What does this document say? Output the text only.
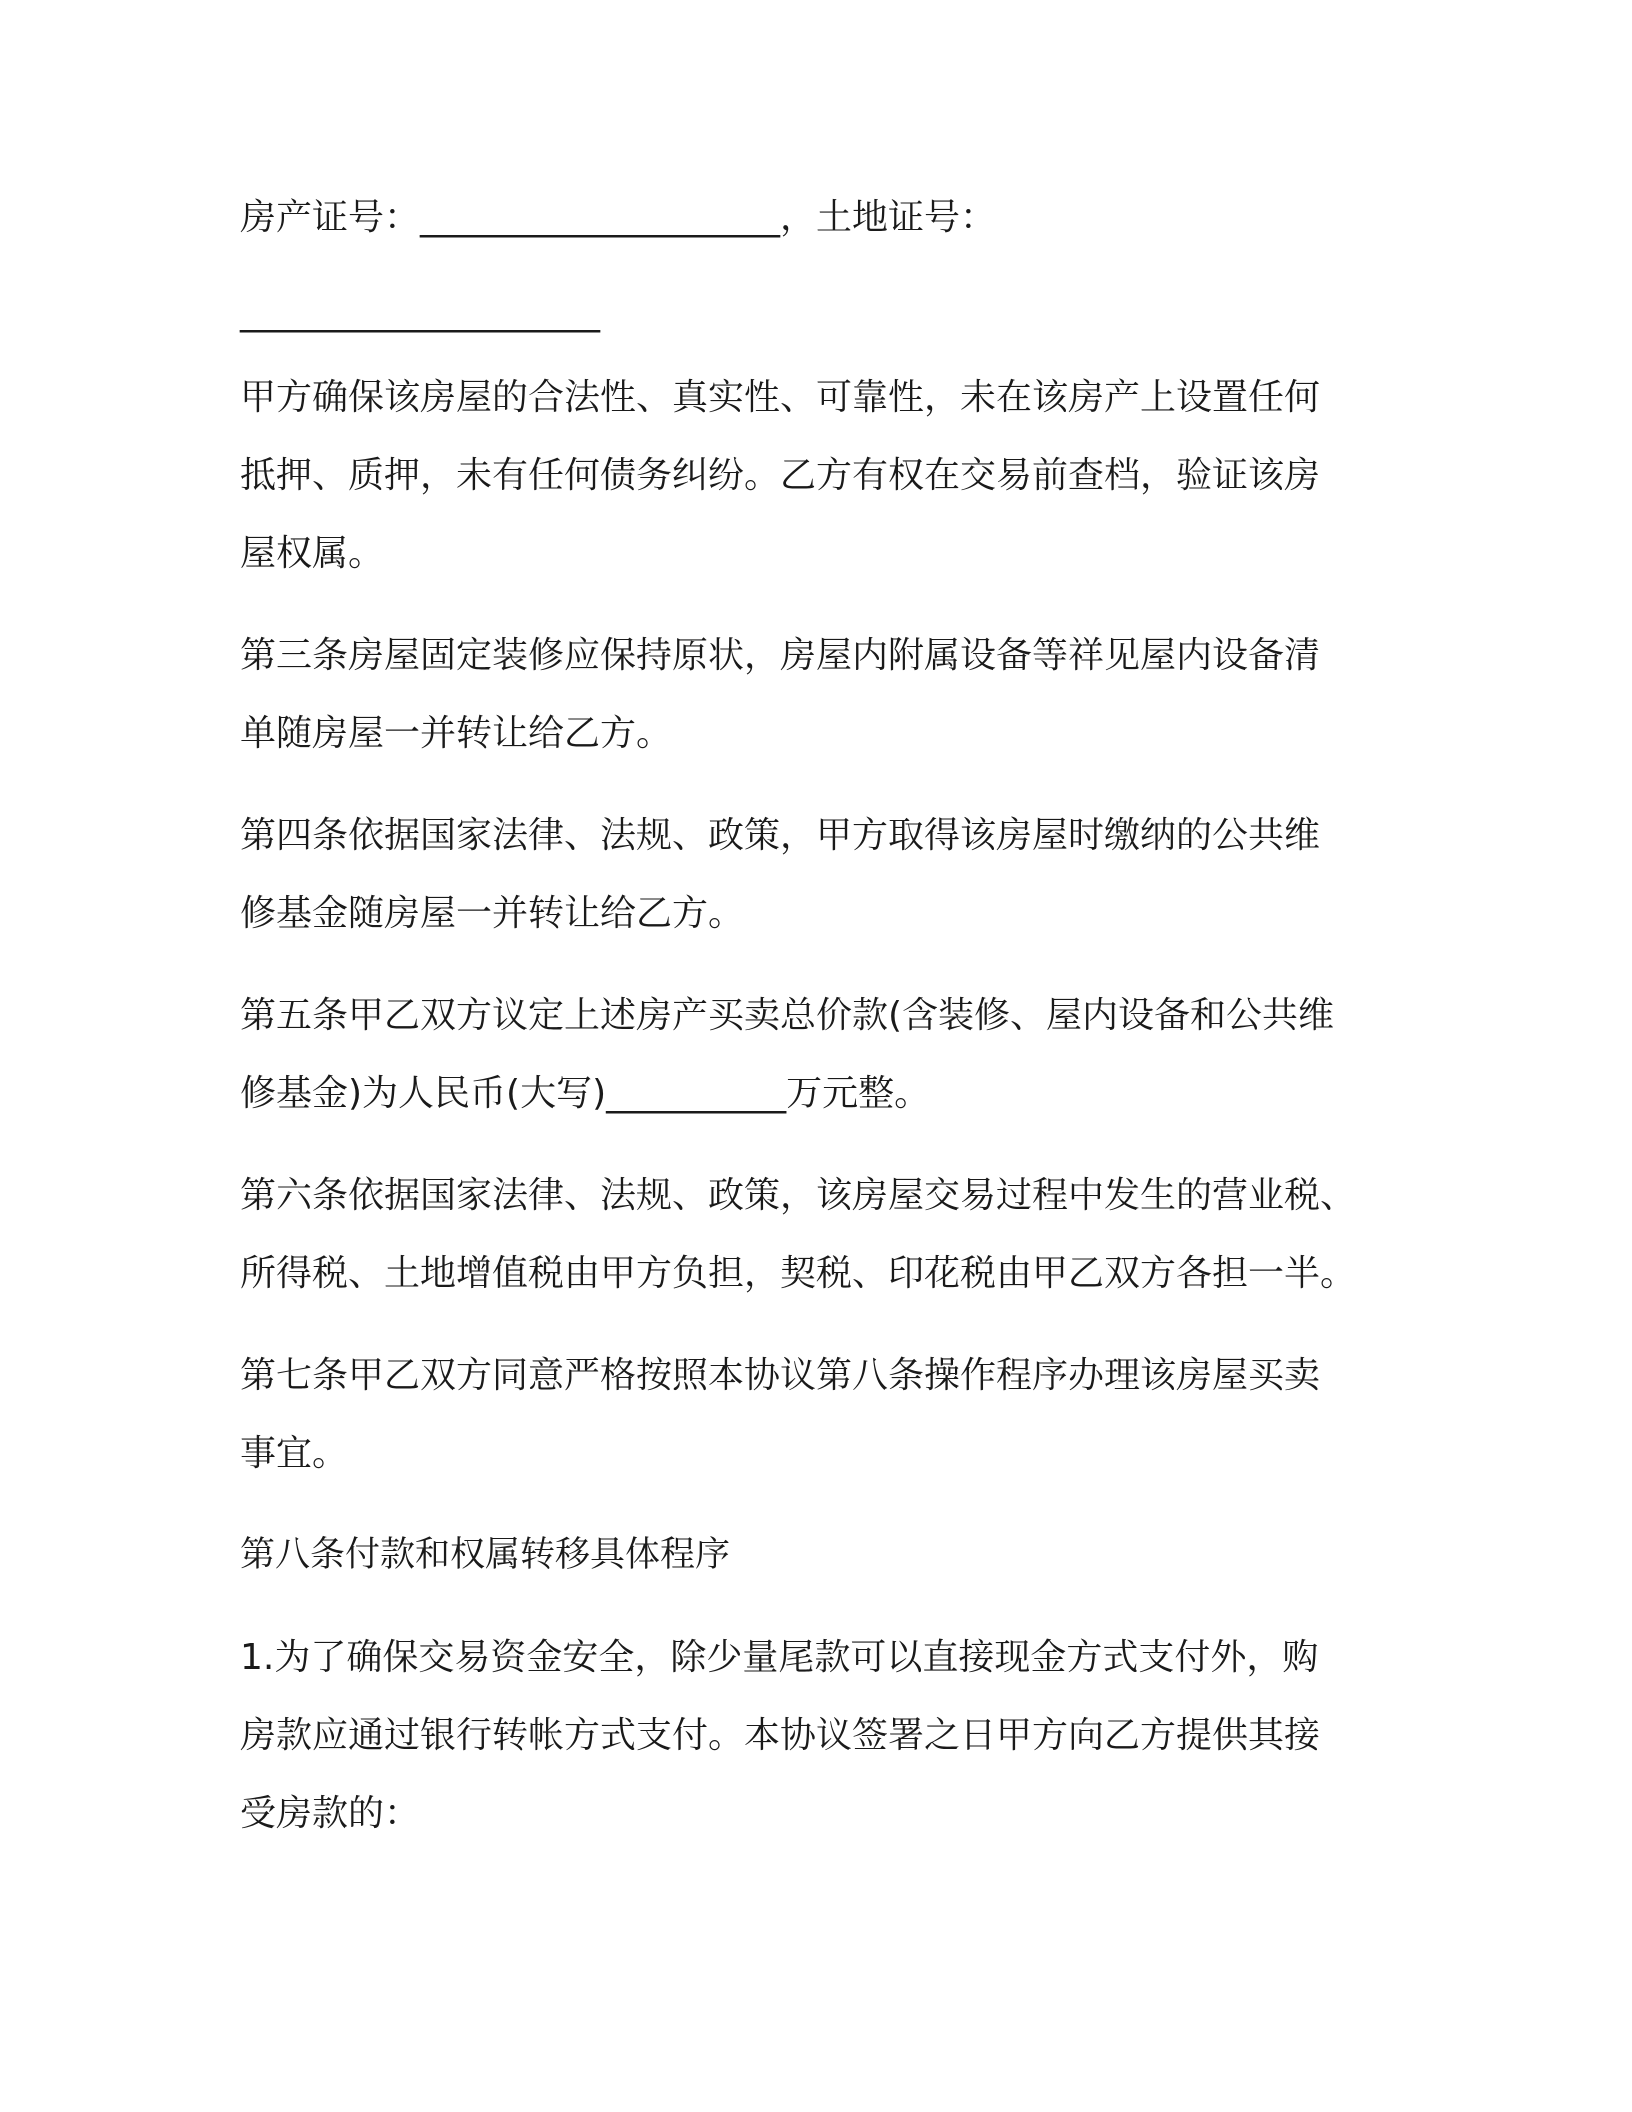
房产证号：____________________，土地证号：
____________________
甲方确保该房屋的合法性、真实性、可靠性，未在该房产上设置任何
抵押、质押，未有任何债务纠纷。乙方有权在交易前查档，验证该房
屋权属。
第三条房屋固定装修应保持原状，房屋内附属设备等祥见屋内设备清
单随房屋一并转让给乙方。
第四条依据国家法律、法规、政策，甲方取得该房屋时缴纳的公共维
修基金随房屋一并转让给乙方。
第五条甲乙双方议定上述房产买卖总价款(含装修、屋内设备和公共维
修基金)为人民币(大写)__________万元整。
第六条依据国家法律、法规、政策，该房屋交易过程中发生的营业税、
所得税、土地增值税由甲方负担，契税、印花税由甲乙双方各担一半。
第七条甲乙双方同意严格按照本协议第八条操作程序办理该房屋买卖
事宜。
第八条付款和权属转移具体程序
1.为了确保交易资金安全，除少量尾款可以直接现金方式支付外，购
房款应通过银行转帐方式支付。本协议签署之日甲方向乙方提供其接
受房款的：
